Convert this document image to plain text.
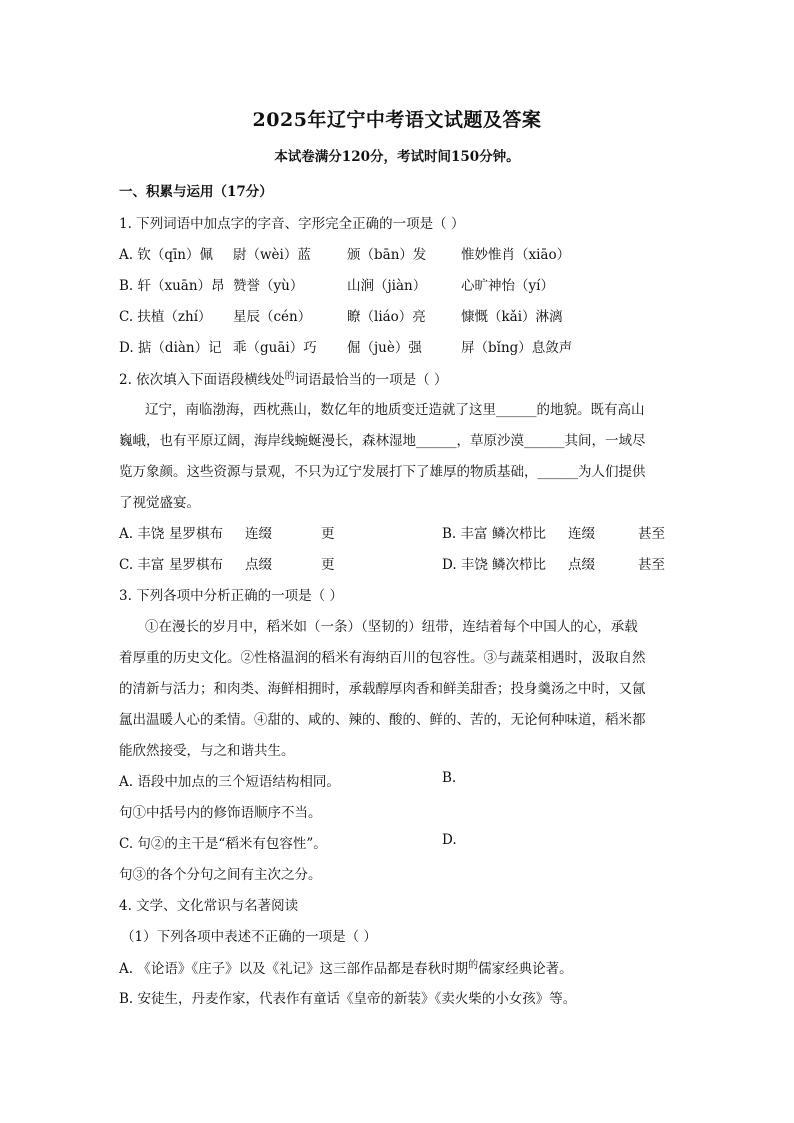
2025年辽宁中考语文试题及答案
本试卷满分120分，考试时间150分钟。
一、积累与运用（17分）
1. 下列词语中加点字的字音、字形完全正确的一项是（ ）
A. 钦（qīn）佩 尉（wèi）蓝	颁（bān）发	惟妙惟肖（xiāo）
B. 轩（xuān）昂 赞誉（yù）	山涧（jiàn）	心旷神怡（yí）
C. 扶植（zhí） 星辰（cén）	瞭（liáo）亮	慷慨（kǎi）淋漓
D. 掂（diàn）记 乖（guāi）巧 倔（juè）强	屏（bǐng）息敛声
2. 依次填入下面语段横线处$^的$词语最恰当的一项是（ ）
辽宁，南临渤海，西枕燕山，数亿年的地质变迁造就了这里______的地貌。既有高山
巍峨，也有平原辽阔，海岸线蜿蜒漫长，森林湿地______，草原沙漠______其间，一域尽
览万象颜。这些资源与景观，不只为辽宁发展打下了雄厚的物质基础，______为人们提供
了视觉盛宴。
A. 丰饶 星罗棋布 连缀	更	B. 丰富 鳞次栉比 连缀	甚至
C. 丰富 星罗棋布 点缀	更	D. 丰饶 鳞次栉比 点缀	甚至
3. 下列各项中分析正确的一项是（ ）
①在漫长的岁月中，稻米如（一条）（坚韧的）纽带，连结着每个中国人的心，承载
着厚重的历史文化。②性格温润的稻米有海纳百川的包容性。③与蔬菜相遇时，汲取自然
的清新与活力；和肉类、海鲜相拥时，承载醇厚肉香和鲜美甜香；投身羹汤之中时，又氤
氲出温暖人心的柔情。④甜的、咸的、辣的、酸的、鲜的、苦的，无论何种味道，稻米都
能欣然接受，与之和谐共生。
A. 语段中加点的三个短语结构相同。	B.
句①中括号内的修饰语顺序不当。
C. 句②的主干是“稻米有包容性”。	D.
句③的各个分句之间有主次之分。
4. 文学、文化常识与名著阅读
（1）下列各项中表述不正确的一项是（ ）
A. 《论语》《庄子》以及《礼记》这三部作品都是春秋时期$^的$儒家经典论著。
B. 安徒生，丹麦作家，代表作有童话《皇帝的新装》《卖火柴的小女孩》等。
